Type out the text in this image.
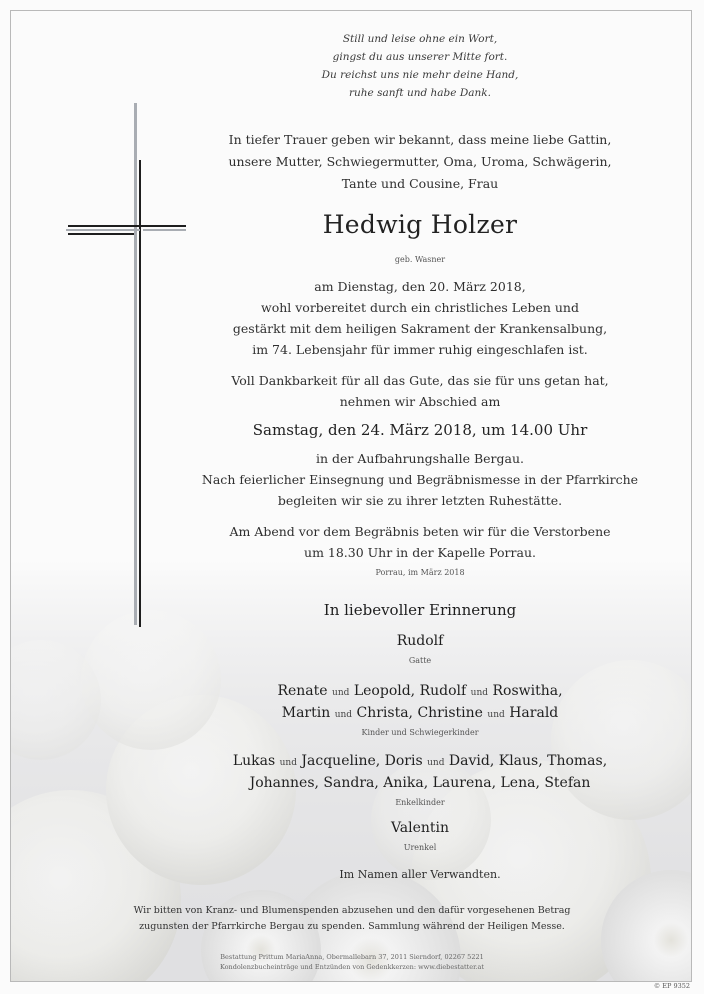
Still und leise ohne ein Wort,
gingst du aus unserer Mitte fort.
Du reichst uns nie mehr deine Hand,
ruhe sanft und habe Dank.
In tiefer Trauer geben wir bekannt, dass meine liebe Gattin,
unsere Mutter, Schwiegermutter, Oma, Uroma, Schwägerin,
Tante und Cousine, Frau
Hedwig Holzer
geb. Wasner
am Dienstag, den 20. März 2018,
wohl vorbereitet durch ein christliches Leben und
gestärkt mit dem heiligen Sakrament der Krankensalbung,
im 74. Lebensjahr für immer ruhig eingeschlafen ist.
Voll Dankbarkeit für all das Gute, das sie für uns getan hat,
nehmen wir Abschied am
Samstag, den 24. März 2018, um 14.00 Uhr
in der Aufbahrungshalle Bergau.
Nach feierlicher Einsegnung und Begräbnismesse in der Pfarrkirche
begleiten wir sie zu ihrer letzten Ruhestätte.
Am Abend vor dem Begräbnis beten wir für die Verstorbene
um 18.30 Uhr in der Kapelle Porrau.
Porrau, im März 2018
In liebevoller Erinnerung
Rudolf
Gatte
Renate und Leopold, Rudolf und Roswitha,
Martin und Christa, Christine und Harald
Kinder und Schwiegerkinder
Lukas und Jacqueline, Doris und David, Klaus, Thomas,
Johannes, Sandra, Anika, Laurena, Lena, Stefan
Enkelkinder
Valentin
Urenkel
Im Namen aller Verwandten.
Wir bitten von Kranz- und Blumenspenden abzusehen und den dafür vorgesehenen Betrag
zugunsten der Pfarrkirche Bergau zu spenden. Sammlung während der Heiligen Messe.
Bestattung Prittum MariaAnna, Obermallebarn 37, 2011 Sierndorf, 02267 5221
Kondolenzbucheinträge und Entzünden von Gedenkkerzen: www.diebestatter.at
© EP 9352
